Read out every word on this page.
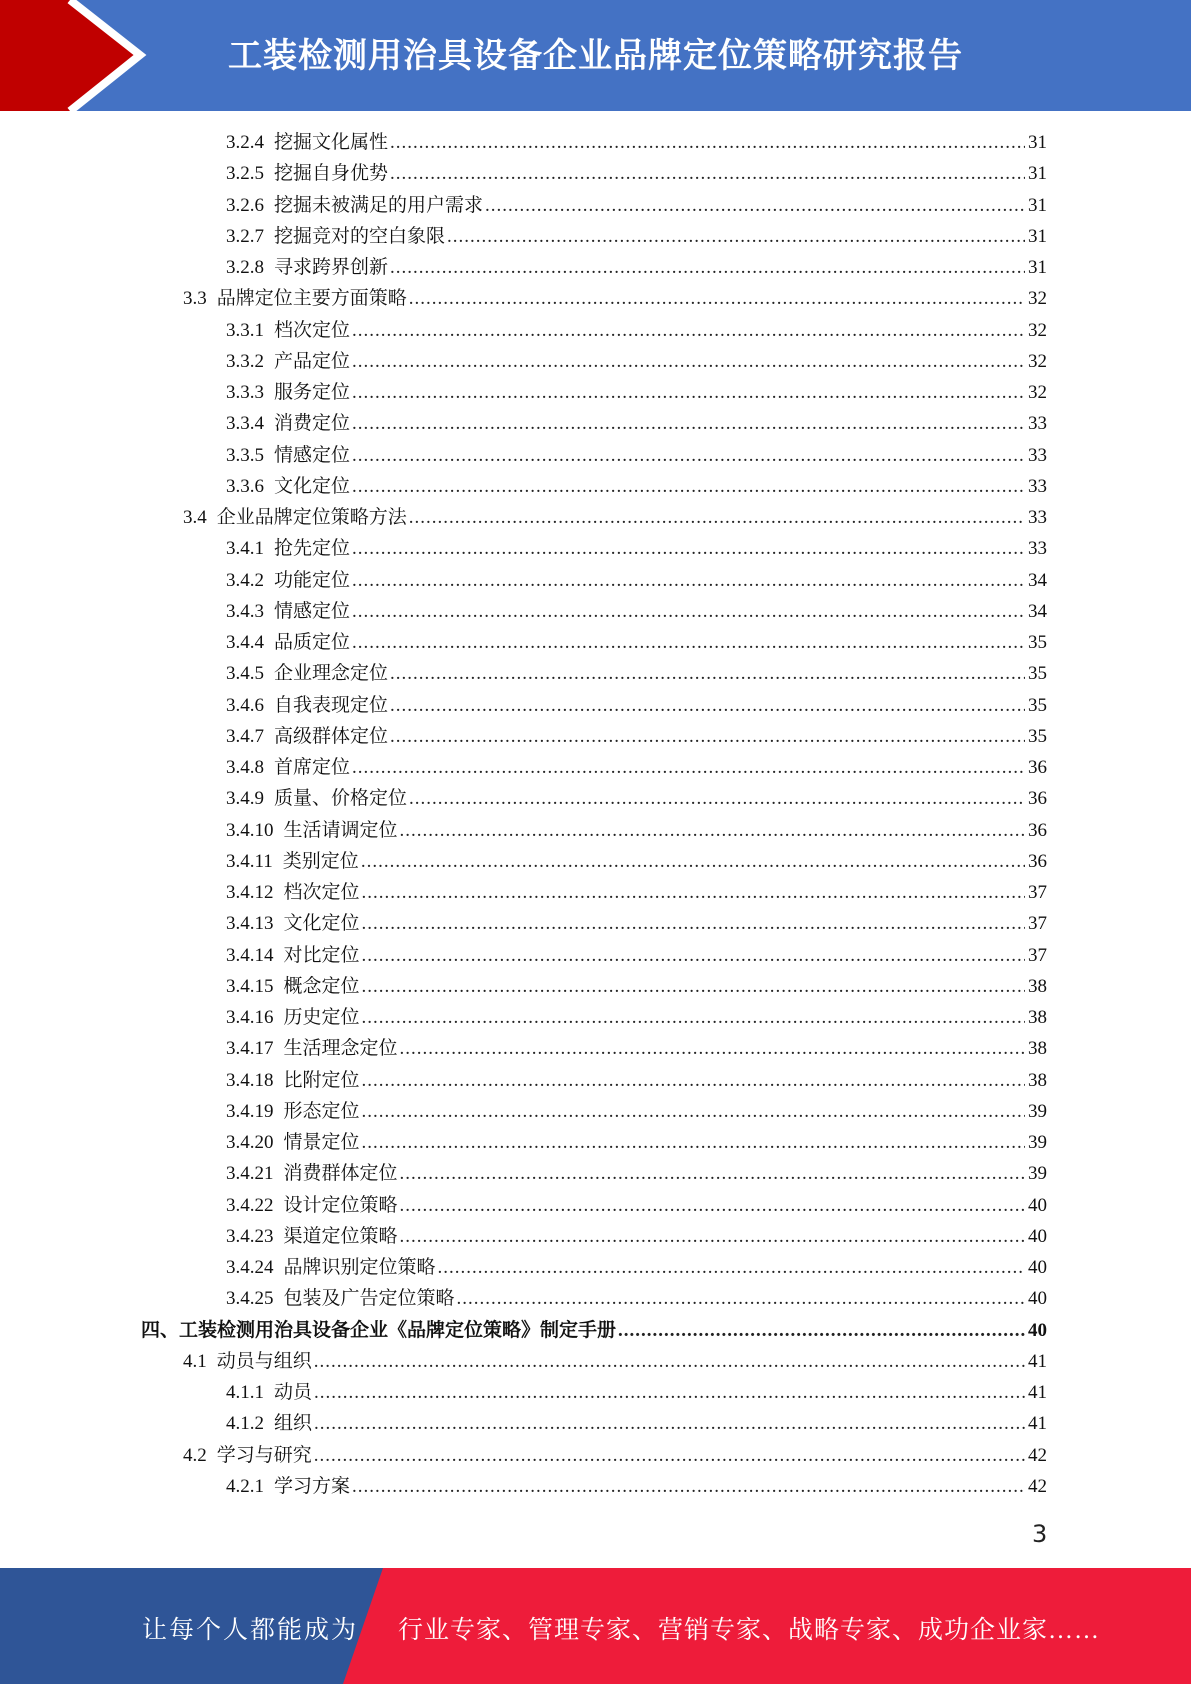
工装检测用治具设备企业品牌定位策略研究报告
3.2.4 挖掘文化属性 .....	31
3.2.5 挖掘自身优势 .....	31
3.2.6 挖掘未被满足的用户需求 .....	31
3.2.7 挖掘竞对的空白象限 .....	31
3.2.8 寻求跨界创新 .....	31
3.3 品牌定位主要方面策略 .....	32
3.3.1 档次定位 .....	32
3.3.2 产品定位 .....	32
3.3.3 服务定位 .....	32
3.3.4 消费定位 .....	33
3.3.5 情感定位 .....	33
3.3.6 文化定位 .....	33
3.4 企业品牌定位策略方法 .....	33
3.4.1 抢先定位 .....	33
3.4.2 功能定位 .....	34
3.4.3 情感定位 .....	34
3.4.4 品质定位 .....	35
3.4.5 企业理念定位 .....	35
3.4.6 自我表现定位 .....	35
3.4.7 高级群体定位 .....	35
3.4.8 首席定位 .....	36
3.4.9 质量、价格定位 .....	36
3.4.10 生活请调定位 .....	36
3.4.11 类别定位 .....	36
3.4.12 档次定位 .....	37
3.4.13 文化定位 .....	37
3.4.14 对比定位 .....	37
3.4.15 概念定位 .....	38
3.4.16 历史定位 .....	38
3.4.17 生活理念定位 .....	38
3.4.18 比附定位 .....	38
3.4.19 形态定位 .....	39
3.4.20 情景定位 .....	39
3.4.21 消费群体定位 .....	39
3.4.22 设计定位策略 .....	40
3.4.23 渠道定位策略 .....	40
3.4.24 品牌识别定位策略 .....	40
3.4.25 包装及广告定位策略 .....	40
四、工装检测用治具设备企业《品牌定位策略》制定手册 .....	40
4.1 动员与组织 .....	41
4.1.1 动员 .....	41
4.1.2 组织 .....	41
4.2 学习与研究 .....	42
4.2.1 学习方案 .....	42
3
让每个人都能成为 行业专家、管理专家、营销专家、战略专家、成功企业家……
